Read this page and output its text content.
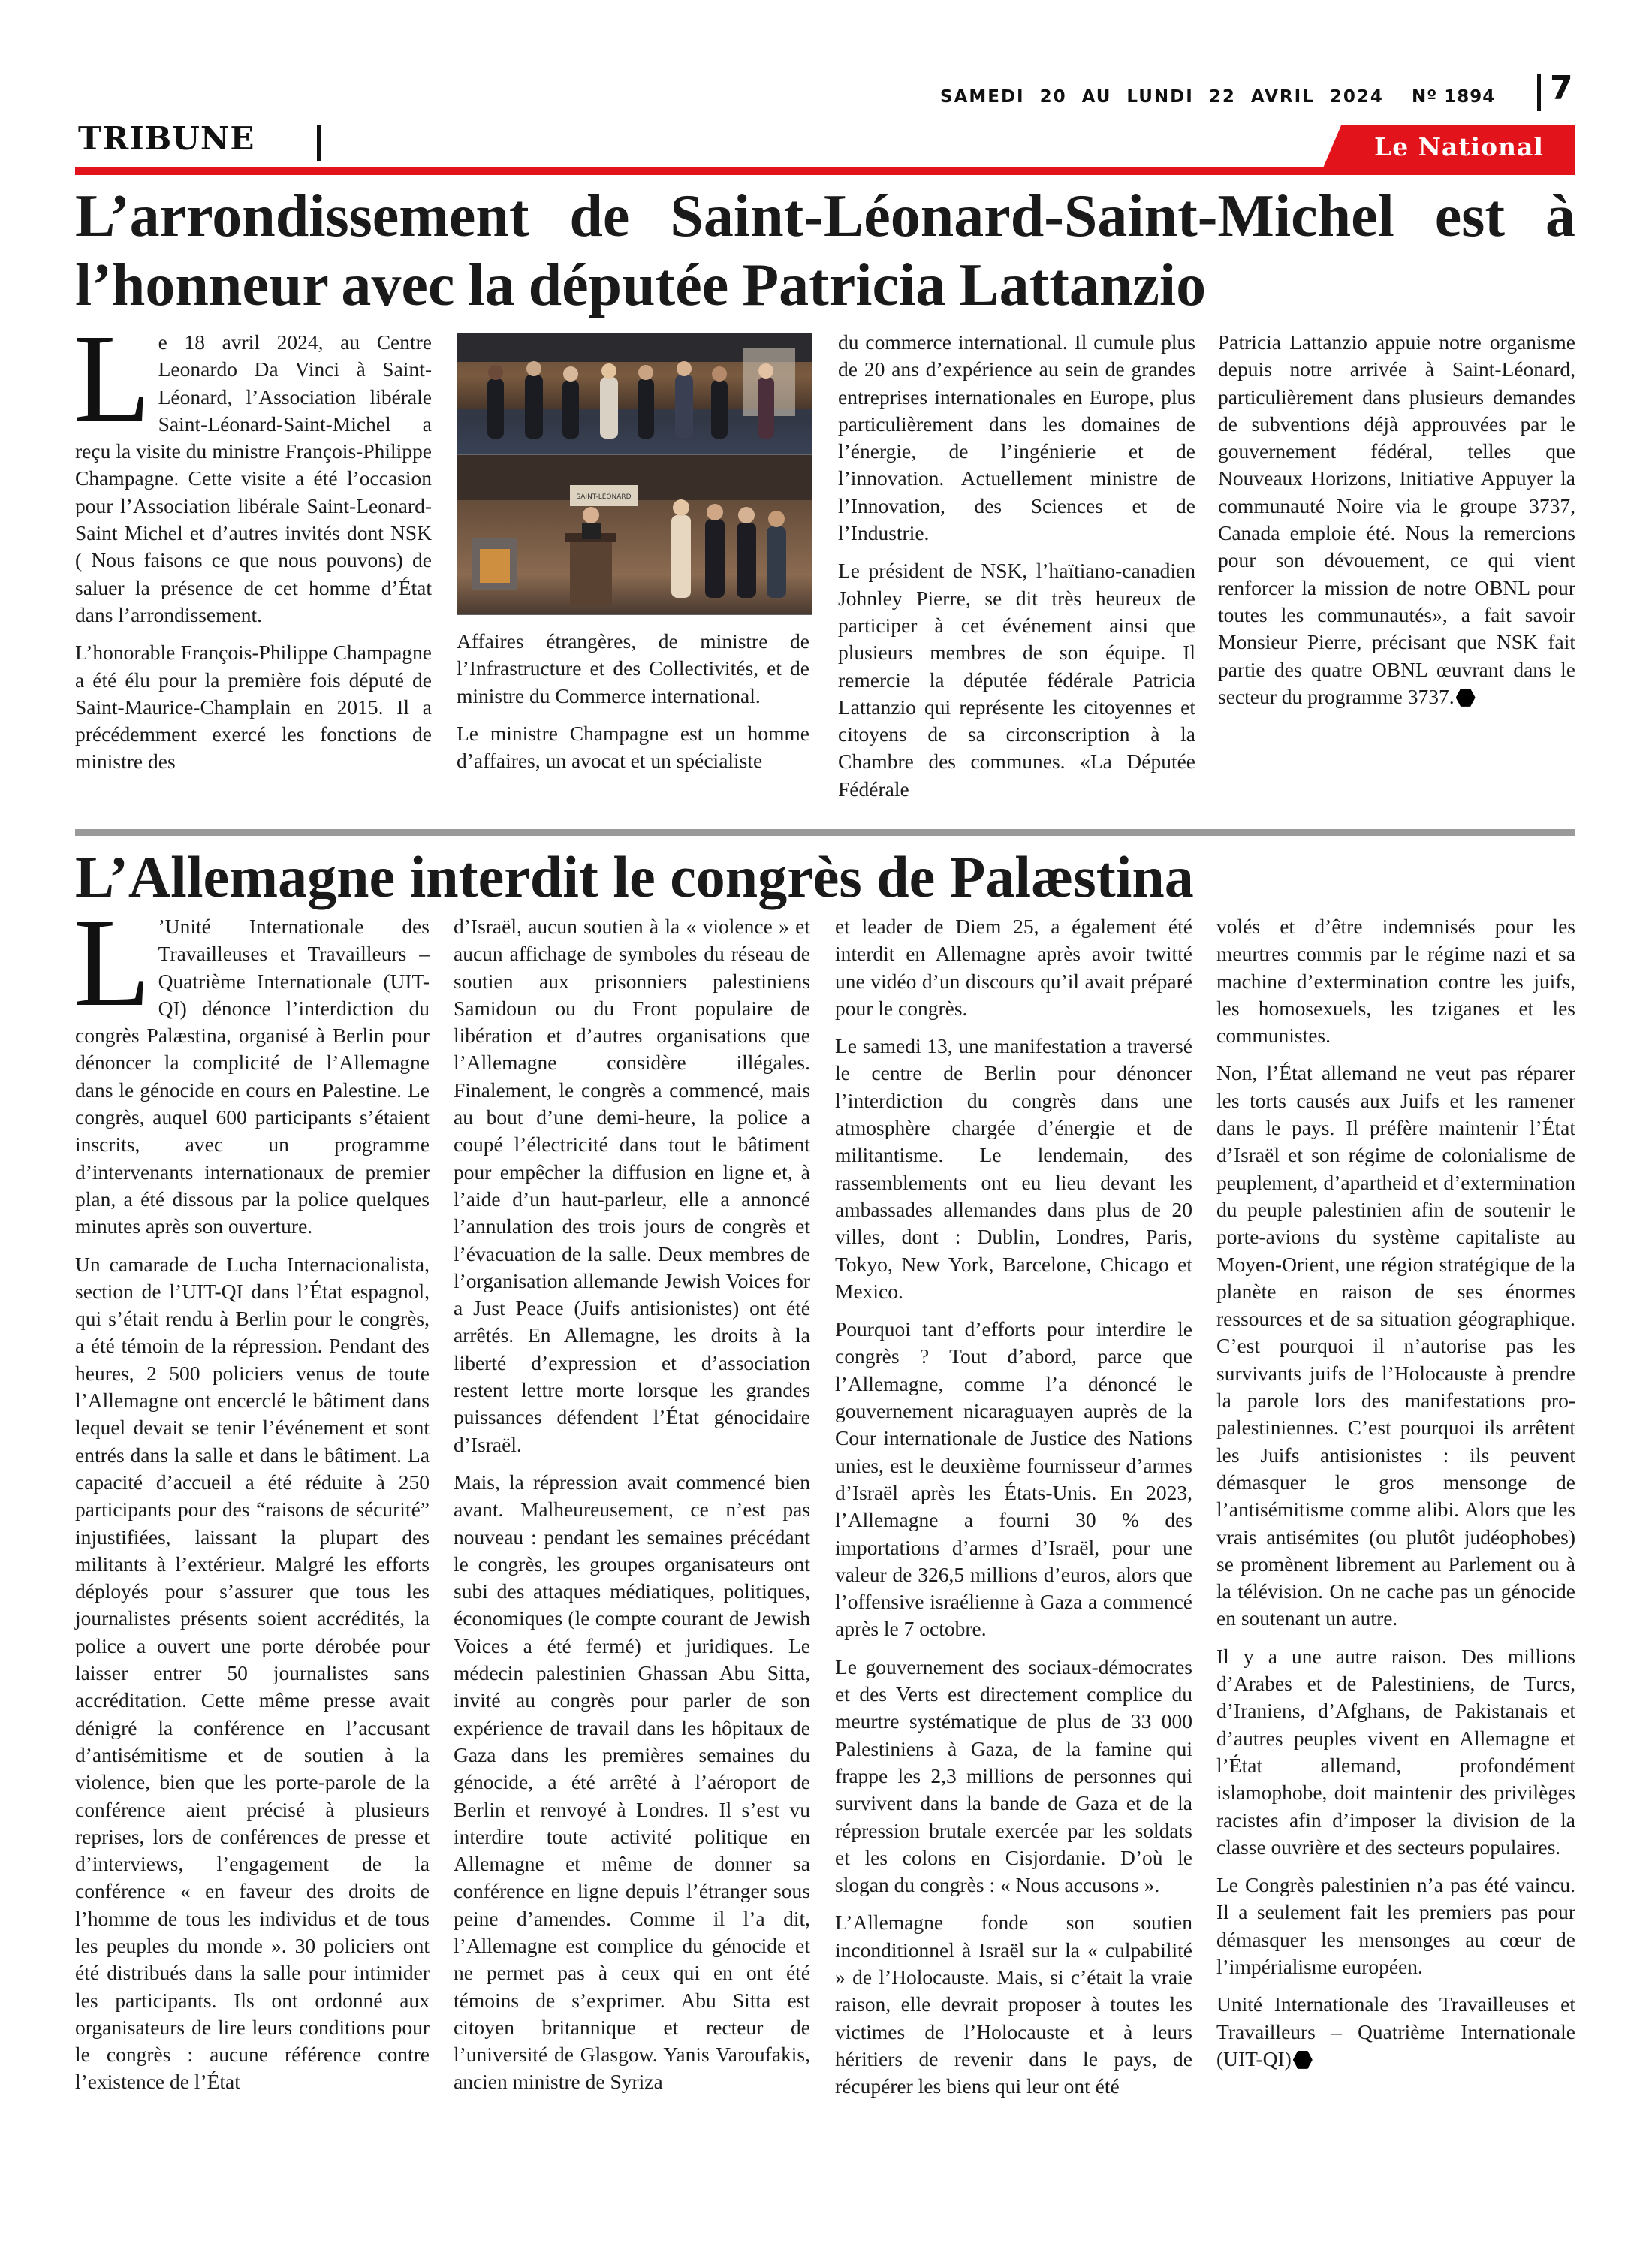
SAMEDI 20 AU LUNDI 22 AVRIL 2024 Nº 1894 7
TRIBUNE	Le National
L’arrondissement de Saint-Léonard-Saint-Michel est à
l’honneur avec la députée Patricia Lattanzio
L e 18 avril 2024, au Centre Leonardo Da Vinci à Saint-Léonard, l’Association libérale Saint-Léonard-Saint-Michel a reçu la visite du ministre François-Philippe Champagne. Cette visite a été l’occasion pour l’Association libérale Saint-Leonard-Saint Michel et d’autres invités dont NSK ( Nous faisons ce que nous pouvons) de saluer la présence de cet homme d’État dans l’arrondissement.

L’honorable François-Philippe Champagne a été élu pour la première fois député de Saint-Maurice-Champlain en 2015. Il a précédemment exercé les fonctions de ministre des

SAINT-LÉONARD

Affaires étrangères, de ministre de l’Infrastructure et des Collectivités, et de ministre du Commerce international.

Le ministre Champagne est un homme d’affaires, un avocat et un spécialiste

du commerce international. Il cumule plus de 20 ans d’expérience au sein de grandes entreprises internationales en Europe, plus particulièrement dans les domaines de l’énergie, de l’ingénierie et de l’innovation. Actuellement ministre de l’Innovation, des Sciences et de l’Industrie.

Le président de NSK, l’haïtiano-canadien Johnley Pierre, se dit très heureux de participer à cet événement ainsi que plusieurs membres de son équipe. Il remercie la députée fédérale Patricia Lattanzio qui représente les citoyennes et citoyens de sa circonscription à la Chambre des communes. «La Députée Fédérale

Patricia Lattanzio appuie notre organisme depuis notre arrivée à Saint-Léonard, particulièrement dans plusieurs demandes de subventions déjà approuvées par le gouvernement fédéral, telles que Nouveaux Horizons, Initiative Appuyer la communauté Noire via le groupe 3737, Canada emploie été. Nous la remercions pour son dévouement, ce qui vient renforcer la mission de notre OBNL pour toutes les communautés», a fait savoir Monsieur Pierre, précisant que NSK fait partie des quatre OBNL œuvrant dans le secteur du programme 3737.

L’Allemagne interdit le congrès de Palæstina
L ’Unité Internationale des Travailleuses et Travailleurs – Quatrième Internationale (UIT-QI) dénonce l’interdiction du congrès Palæstina, organisé à Berlin pour dénoncer la complicité de l’Allemagne dans le génocide en cours en Palestine. Le congrès, auquel 600 participants s’étaient inscrits, avec un programme d’intervenants internationaux de premier plan, a été dissous par la police quelques minutes après son ouverture.

Un camarade de Lucha Internacionalista, section de l’UIT-QI dans l’État espagnol, qui s’était rendu à Berlin pour le congrès, a été témoin de la répression. Pendant des heures, 2 500 policiers venus de toute l’Allemagne ont encerclé le bâtiment dans lequel devait se tenir l’événement et sont entrés dans la salle et dans le bâtiment. La capacité d’accueil a été réduite à 250 participants pour des “raisons de sécurité” injustifiées, laissant la plupart des militants à l’extérieur. Malgré les efforts déployés pour s’assurer que tous les journalistes présents soient accrédités, la police a ouvert une porte dérobée pour laisser entrer 50 journalistes sans accréditation. Cette même presse avait dénigré la conférence en l’accusant d’antisémitisme et de soutien à la violence, bien que les porte-parole de la conférence aient précisé à plusieurs reprises, lors de conférences de presse et d’interviews, l’engagement de la conférence « en faveur des droits de l’homme de tous les individus et de tous les peuples du monde ». 30 policiers ont été distribués dans la salle pour intimider les participants. Ils ont ordonné aux organisateurs de lire leurs conditions pour le congrès : aucune référence contre l’existence de l’État

d’Israël, aucun soutien à la « violence » et aucun affichage de symboles du réseau de soutien aux prisonniers palestiniens Samidoun ou du Front populaire de libération et d’autres organisations que l’Allemagne considère illégales. Finalement, le congrès a commencé, mais au bout d’une demi-heure, la police a coupé l’électricité dans tout le bâtiment pour empêcher la diffusion en ligne et, à l’aide d’un haut-parleur, elle a annoncé l’annulation des trois jours de congrès et l’évacuation de la salle. Deux membres de l’organisation allemande Jewish Voices for a Just Peace (Juifs antisionistes) ont été arrêtés. En Allemagne, les droits à la liberté d’expression et d’association restent lettre morte lorsque les grandes puissances défendent l’État génocidaire d’Israël.

Mais, la répression avait commencé bien avant. Malheureusement, ce n’est pas nouveau : pendant les semaines précédant le congrès, les groupes organisateurs ont subi des attaques médiatiques, politiques, économiques (le compte courant de Jewish Voices a été fermé) et juridiques. Le médecin palestinien Ghassan Abu Sitta, invité au congrès pour parler de son expérience de travail dans les hôpitaux de Gaza dans les premières semaines du génocide, a été arrêté à l’aéroport de Berlin et renvoyé à Londres. Il s’est vu interdire toute activité politique en Allemagne et même de donner sa conférence en ligne depuis l’étranger sous peine d’amendes. Comme il l’a dit, l’Allemagne est complice du génocide et ne permet pas à ceux qui en ont été témoins de s’exprimer. Abu Sitta est citoyen britannique et recteur de l’université de Glasgow. Yanis Varoufakis, ancien ministre de Syriza

et leader de Diem 25, a également été interdit en Allemagne après avoir twitté une vidéo d’un discours qu’il avait préparé pour le congrès.

Le samedi 13, une manifestation a traversé le centre de Berlin pour dénoncer l’interdiction du congrès dans une atmosphère chargée d’énergie et de militantisme. Le lendemain, des rassemblements ont eu lieu devant les ambassades allemandes dans plus de 20 villes, dont : Dublin, Londres, Paris, Tokyo, New York, Barcelone, Chicago et Mexico.

Pourquoi tant d’efforts pour interdire le congrès ? Tout d’abord, parce que l’Allemagne, comme l’a dénoncé le gouvernement nicaraguayen auprès de la Cour internationale de Justice des Nations unies, est le deuxième fournisseur d’armes d’Israël après les États-Unis. En 2023, l’Allemagne a fourni 30 % des importations d’armes d’Israël, pour une valeur de 326,5 millions d’euros, alors que l’offensive israélienne à Gaza a commencé après le 7 octobre.

Le gouvernement des sociaux-démocrates et des Verts est directement complice du meurtre systématique de plus de 33 000 Palestiniens à Gaza, de la famine qui frappe les 2,3 millions de personnes qui survivent dans la bande de Gaza et de la répression brutale exercée par les soldats et les colons en Cisjordanie. D’où le slogan du congrès : « Nous accusons ».

L’Allemagne fonde son soutien inconditionnel à Israël sur la « culpabilité » de l’Holocauste. Mais, si c’était la vraie raison, elle devrait proposer à toutes les victimes de l’Holocauste et à leurs héritiers de revenir dans le pays, de récupérer les biens qui leur ont été

volés et d’être indemnisés pour les meurtres commis par le régime nazi et sa machine d’extermination contre les juifs, les homosexuels, les tziganes et les communistes.

Non, l’État allemand ne veut pas réparer les torts causés aux Juifs et les ramener dans le pays. Il préfère maintenir l’État d’Israël et son régime de colonialisme de peuplement, d’apartheid et d’extermination du peuple palestinien afin de soutenir le porte-avions du système capitaliste au Moyen-Orient, une région stratégique de la planète en raison de ses énormes ressources et de sa situation géographique. C’est pourquoi il n’autorise pas les survivants juifs de l’Holocauste à prendre la parole lors des manifestations pro-palestiniennes. C’est pourquoi ils arrêtent les Juifs antisionistes : ils peuvent démasquer le gros mensonge de l’antisémitisme comme alibi. Alors que les vrais antisémites (ou plutôt judéophobes) se promènent librement au Parlement ou à la télévision. On ne cache pas un génocide en soutenant un autre.

Il y a une autre raison. Des millions d’Arabes et de Palestiniens, de Turcs, d’Iraniens, d’Afghans, de Pakistanais et d’autres peuples vivent en Allemagne et l’État allemand, profondément islamophobe, doit maintenir des privilèges racistes afin d’imposer la division de la classe ouvrière et des secteurs populaires.

Le Congrès palestinien n’a pas été vaincu. Il a seulement fait les premiers pas pour démasquer les mensonges au cœur de l’impérialisme européen.

Unité Internationale des Travailleuses et Travailleurs – Quatrième Internationale (UIT-QI)
